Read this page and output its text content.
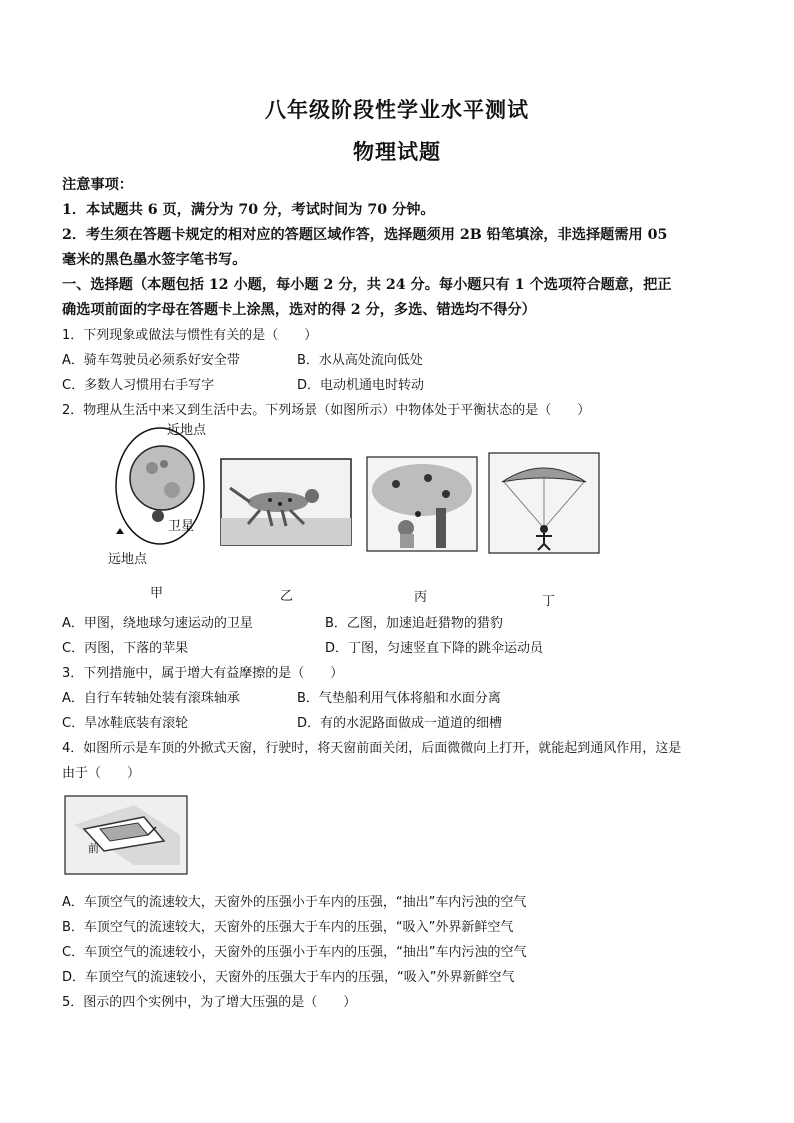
八年级阶段性学业水平测试
物理试题
注意事项：
1．本试题共 6 页，满分为 70 分，考试时间为 70 分钟。
2．考生须在答题卡规定的相对应的答题区域作答，选择题须用 2B 铅笔填涂，非选择题需用 05
毫米的黑色墨水签字笔书写。
一、选择题（本题包括 12 小题，每小题 2 分，共 24 分。每小题只有 1 个选项符合题意，把正
确选项前面的字母在答题卡上涂黑，选对的得 2 分，多选、错选均不得分）
1．下列现象或做法与惯性有关的是（　　）
A．骑车驾驶员必须系好安全带	B．水从高处流向低处
C．多数人习惯用右手写字	D．电动机通电时转动
2．物理从生活中来又到生活中去。下列场景（如图所示）中物体处于平衡状态的是（　　）
近地点
卫星
远地点
甲	乙	丙	丁
A．甲图，绕地球匀速运动的卫星	B．乙图，加速追赶猎物的猎豹
C．丙图，下落的苹果	D．丁图，匀速竖直下降的跳伞运动员
3．下列措施中，属于增大有益摩擦的是（　　）
A．自行车转轴处装有滚珠轴承	B．气垫船利用气体将船和水面分离
C．旱冰鞋底装有滚轮	D．有的水泥路面做成一道道的细槽
4．如图所示是车顶的外掀式天窗，行驶时，将天窗前面关闭，后面微微向上打开，就能起到通风作用，这是
由于（　　）
前
A．车顶空气的流速较大，天窗外的压强小于车内的压强，“抽出”车内污浊的空气
B．车顶空气的流速较大，天窗外的压强大于车内的压强，“吸入”外界新鲜空气
C．车顶空气的流速较小，天窗外的压强小于车内的压强，“抽出”车内污浊的空气
D．车顶空气的流速较小，天窗外的压强大于车内的压强，“吸入”外界新鲜空气
5．图示的四个实例中，为了增大压强的是（　　）
